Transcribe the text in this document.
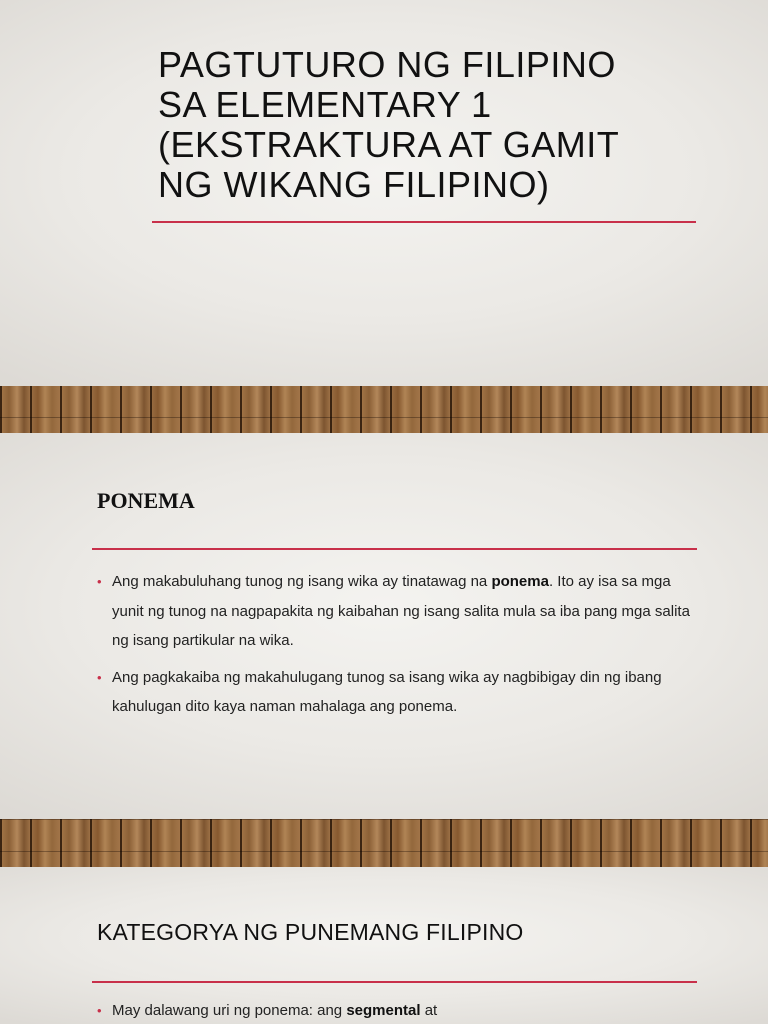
PAGTUTURO NG FILIPINO
SA ELEMENTARY 1
(EKSTRAKTURA AT GAMIT
NG WIKANG FILIPINO)
PONEMA
• Ang makabuluhang tunog ng isang wika ay tinatawag na ponema. Ito ay isa sa mga yunit ng tunog na nagpapakita ng kaibahan ng isang salita mula sa iba pang mga salita ng isang partikular na wika.
• Ang pagkakaiba ng makahulugang tunog sa isang wika ay nagbibigay din ng ibang kahulugan dito kaya naman mahalaga ang ponema.
KATEGORYA NG PUNEMANG FILIPINO
• May dalawang uri ng ponema: ang segmental at
